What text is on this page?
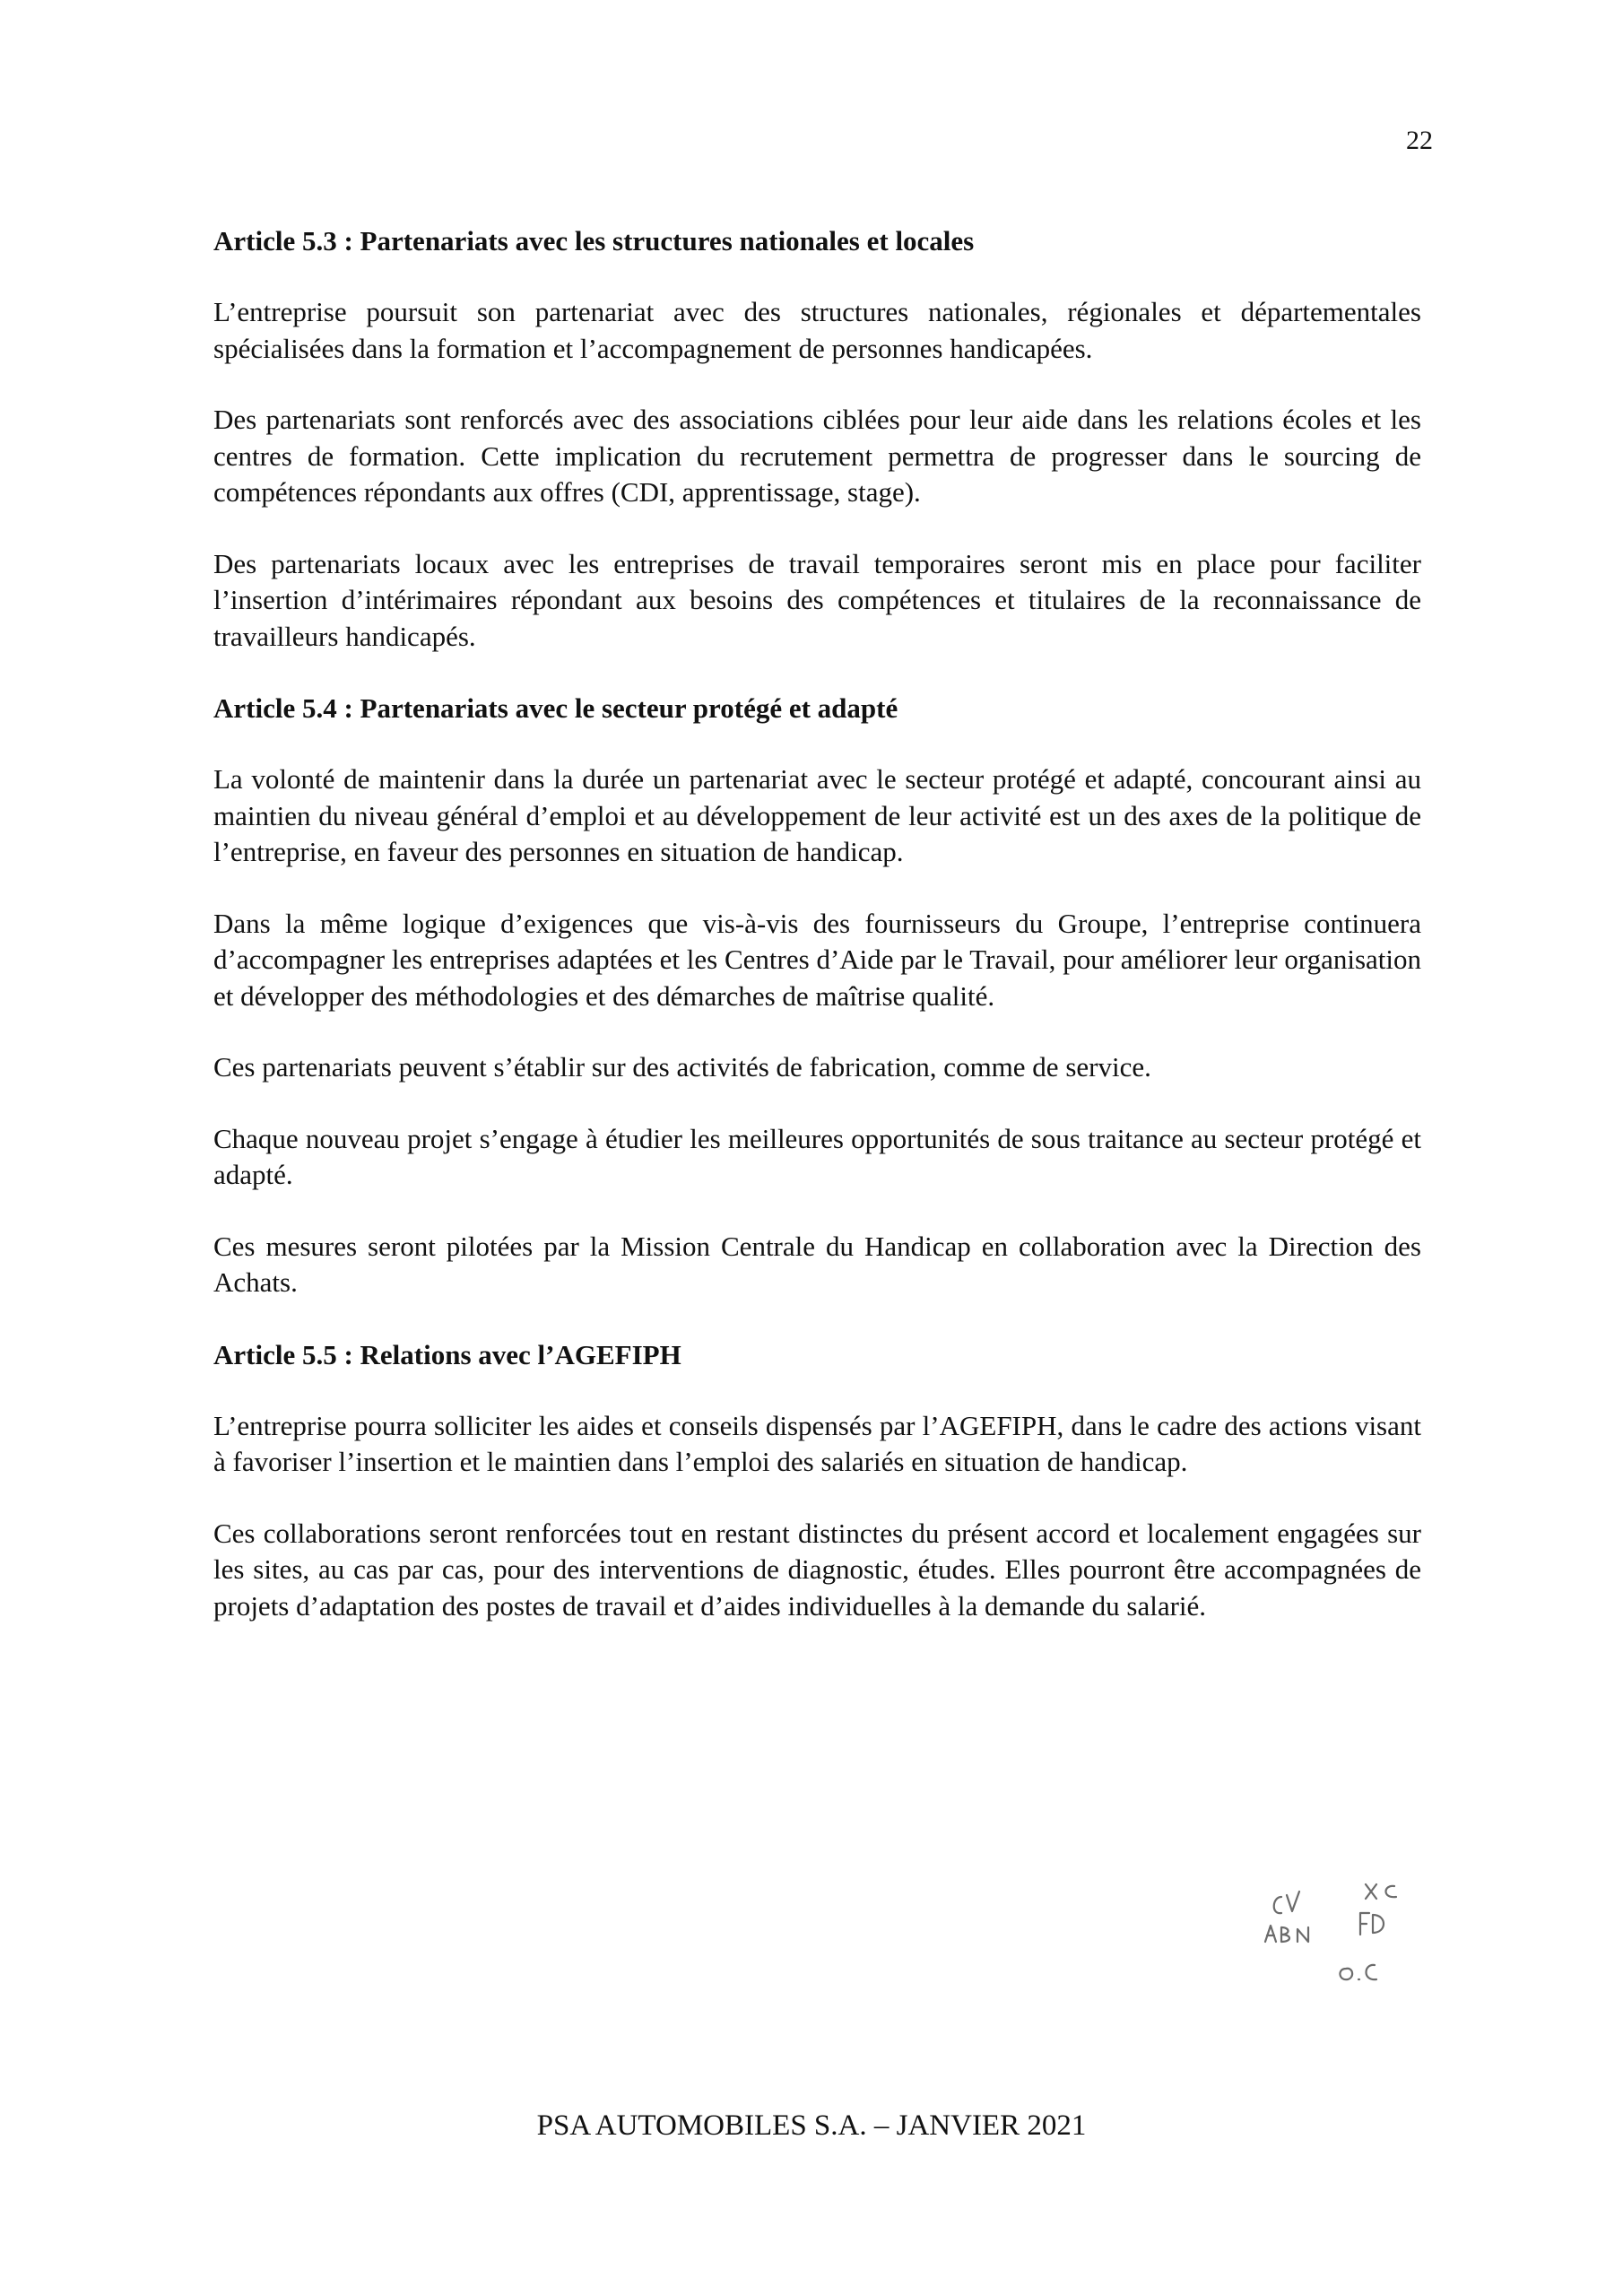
22
Article 5.3 : Partenariats avec les structures nationales et locales

L’entreprise poursuit son partenariat avec des structures nationales, régionales et départementales spécialisées dans la formation et l’accompagnement de personnes handicapées.

Des partenariats sont renforcés avec des associations ciblées pour leur aide dans les relations écoles et les centres de formation. Cette implication du recrutement permettra de progresser dans le sourcing de compétences répondants aux offres (CDI, apprentissage, stage).

Des partenariats locaux avec les entreprises de travail temporaires seront mis en place pour faciliter l’insertion d’intérimaires répondant aux besoins des compétences et titulaires de la reconnaissance de travailleurs handicapés.

Article 5.4 : Partenariats avec le secteur protégé et adapté

La volonté de maintenir dans la durée un partenariat avec le secteur protégé et adapté, concourant ainsi au maintien du niveau général d’emploi et au développement de leur activité est un des axes de la politique de l’entreprise, en faveur des personnes en situation de handicap.

Dans la même logique d’exigences que vis-à-vis des fournisseurs du Groupe, l’entreprise continuera d’accompagner les entreprises adaptées et les Centres d’Aide par le Travail, pour améliorer leur organisation et développer des méthodologies et des démarches de maîtrise qualité.

Ces partenariats peuvent s’établir sur des activités de fabrication, comme de service.

Chaque nouveau projet s’engage à étudier les meilleures opportunités de sous traitance au secteur protégé et adapté.

Ces mesures seront pilotées par la Mission Centrale du Handicap en collaboration avec la Direction des Achats.

Article 5.5 : Relations avec l’AGEFIPH

L’entreprise pourra solliciter les aides et conseils dispensés par l’AGEFIPH, dans le cadre des actions visant à favoriser l’insertion et le maintien dans l’emploi des salariés en situation de handicap.

Ces collaborations seront renforcées tout en restant distinctes du présent accord et localement engagées sur les sites, au cas par cas, pour des interventions de diagnostic, études. Elles pourront être accompagnées de projets d’adaptation des postes de travail et d’aides individuelles à la demande du salarié.

PSA AUTOMOBILES S.A. – JANVIER 2021
